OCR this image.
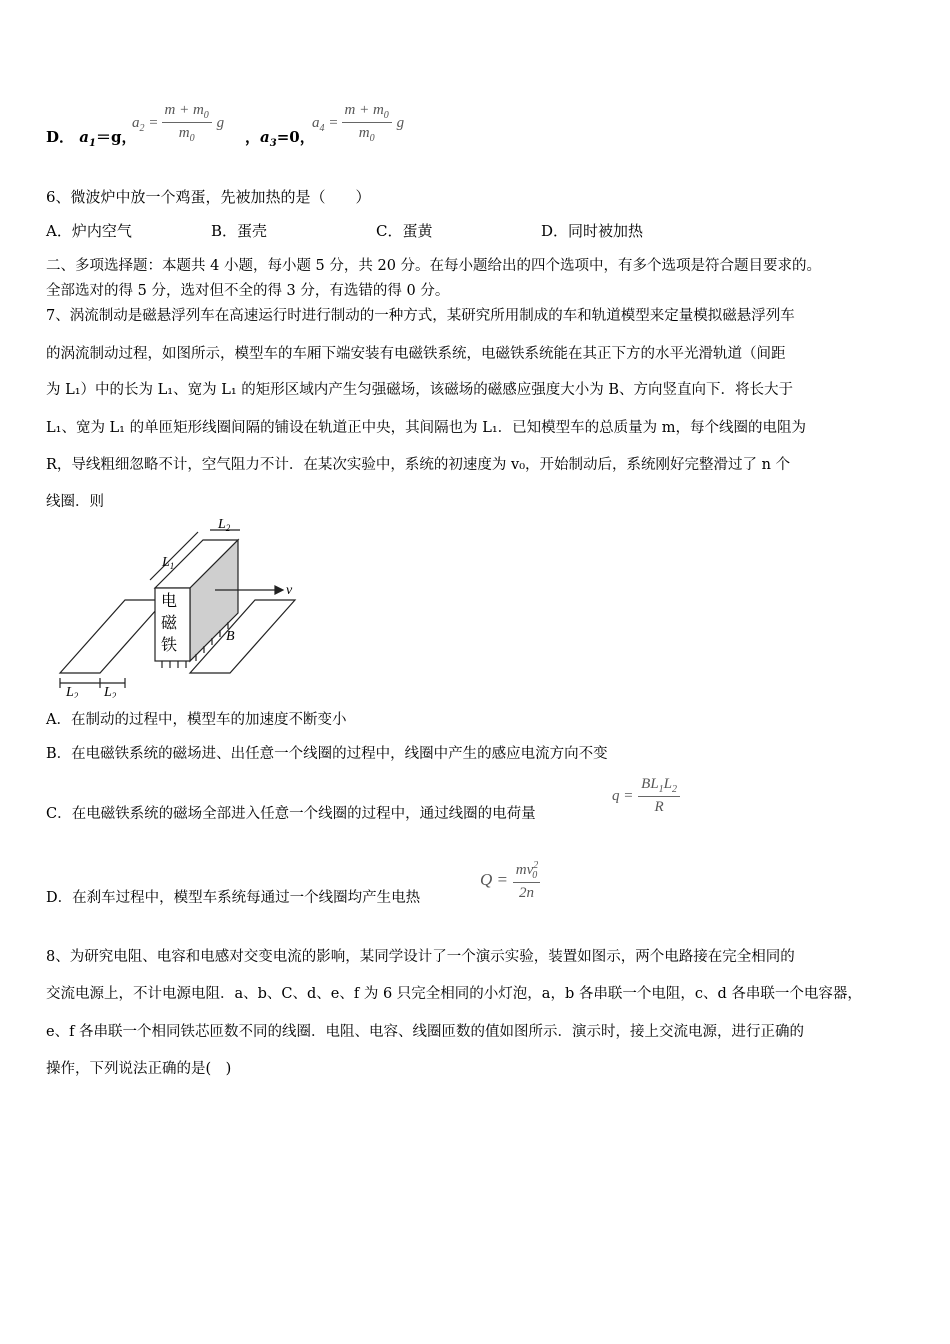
D． $a_1=g$，
$a_2 = \frac{m + m_0}{m_0}$ g
，$a_3=0$，
$a_4 = \frac{m + m_0}{m_0}$ g
6、微波炉中放一个鸡蛋，先被加热的是（　　）
A．炉内空气	B．蛋壳	C．蛋黄	D．同时被加热
二、多项选择题：本题共 4 小题，每小题 5 分，共 20 分。在每小题给出的四个选项中，有多个选项是符合题目要求的。
全部选对的得 5 分，选对但不全的得 3 分，有选错的得 0 分。
7、涡流制动是磁悬浮列车在高速运行时进行制动的一种方式，某研究所用制成的车和轨道模型来定量模拟磁悬浮列车
的涡流制动过程，如图所示，模型车的车厢下端安装有电磁铁系统，电磁铁系统能在其正下方的水平光滑轨道（间距
为 L₁）中的长为 L₁、宽为 L₁ 的矩形区域内产生匀强磁场，该磁场的磁感应强度大小为 B、方向竖直向下．将长大于
L₁、宽为 L₁ 的单匝矩形线圈间隔的铺设在轨道正中央，其间隔也为 L₁．已知模型车的总质量为 m，每个线圈的电阻为
R，导线粗细忽略不计，空气阻力不计．在某次实验中，系统的初速度为 v₀，开始制动后，系统刚好完整滑过了 n 个
线圈．则
电
磁
铁
v
B
$L_1$
$L_2$
$L_2$ $L_2$
A．在制动的过程中，模型车的加速度不断变小
B．在电磁铁系统的磁场进、出任意一个线圈的过程中，线圈中产生的感应电流方向不变
C．在电磁铁系统的磁场全部进入任意一个线圈的过程中，通过线圈的电荷量
$q = \frac{BL_1L_2}{R}$
D．在刹车过程中，模型车系统每通过一个线圈均产生电热
$Q = \frac{mv^2_0}{2n}$
8、为研究电阻、电容和电感对交变电流的影响，某同学设计了一个演示实验，装置如图示，两个电路接在完全相同的
交流电源上，不计电源电阻．a、b、C、d、e、f 为 6 只完全相同的小灯泡，a，b 各串联一个电阻，c、d 各串联一个电容器，
e、f 各串联一个相同铁芯匝数不同的线圈．电阻、电容、线圈匝数的值如图所示．演示时，接上交流电源，进行正确的
操作，下列说法正确的是(　)
